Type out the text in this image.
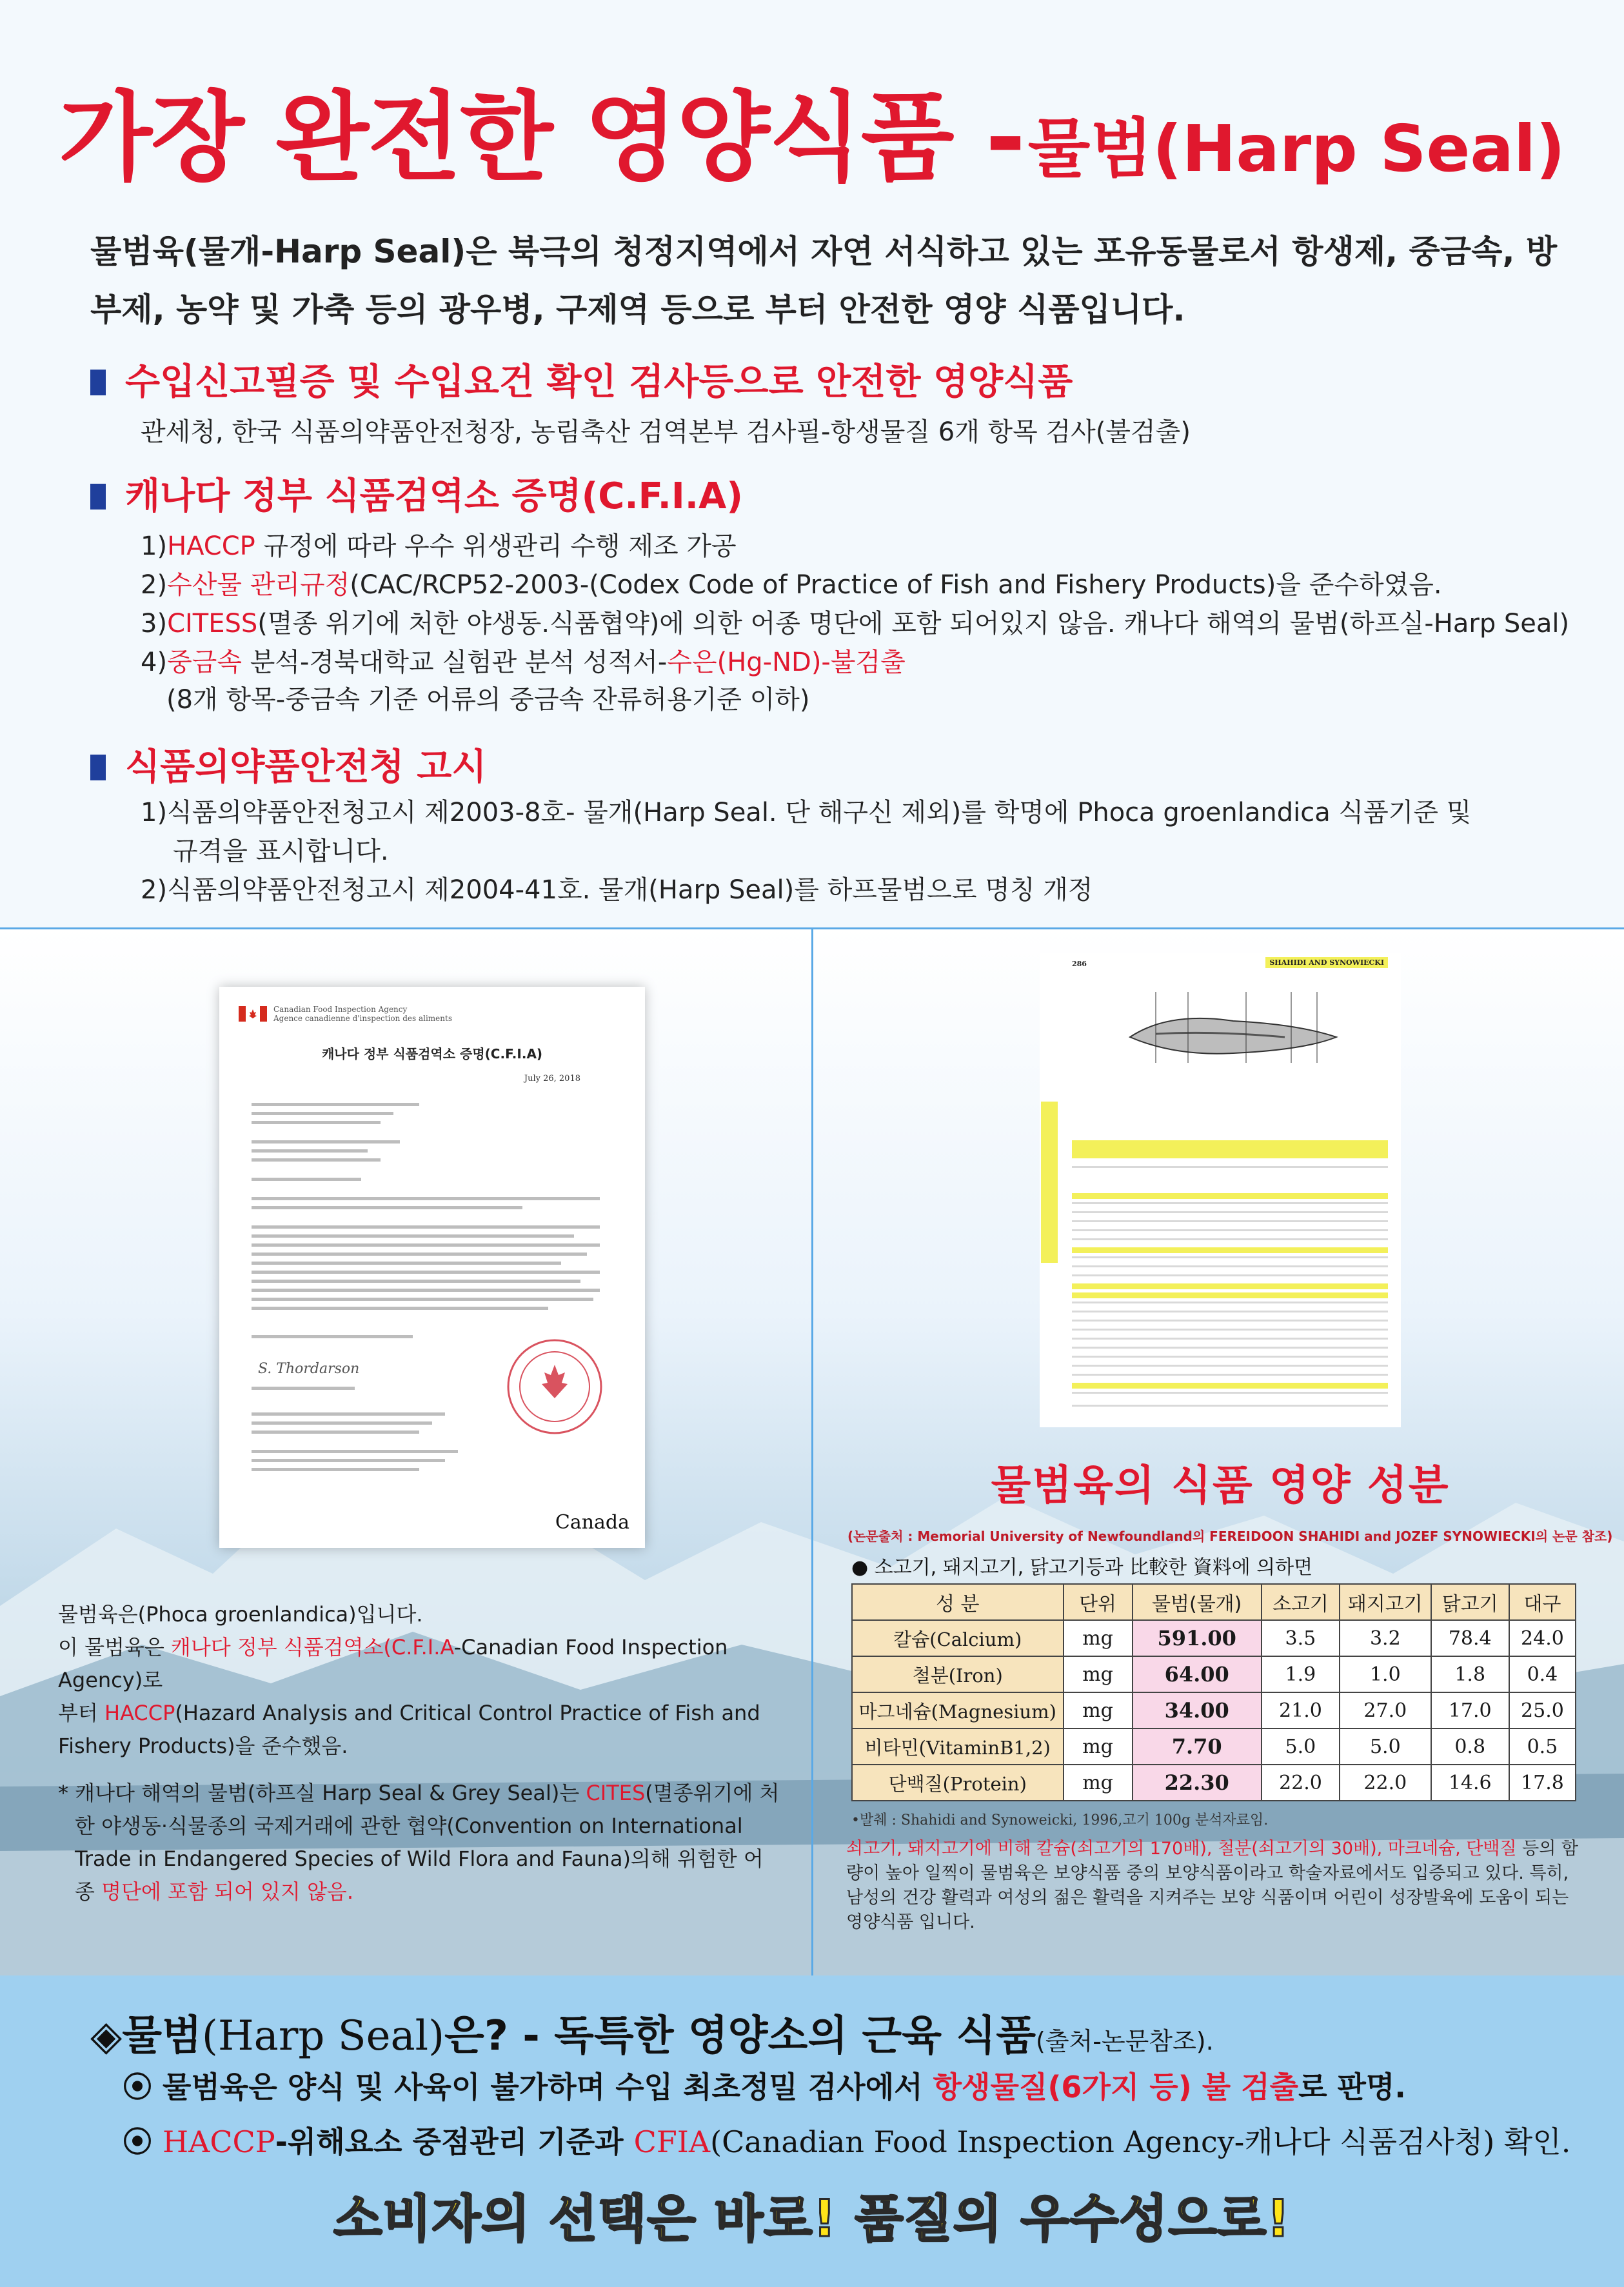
가장 완전한 영양식품 - 물범(Harp Seal)
물범육(물개-Harp Seal)은 북극의 청정지역에서 자연 서식하고 있는 포유동물로서 항생제, 중금속, 방부제, 농약 및 가축 등의 광우병, 구제역 등으로 부터 안전한 영양 식품입니다.
수입신고필증 및 수입요건 확인 검사등으로 안전한 영양식품
관세청, 한국 식품의약품안전청장, 농림축산 검역본부 검사필-항생물질 6개 항목 검사(불검출)
캐나다 정부 식품검역소 증명(C.F.I.A)
1)HACCP 규정에 따라 우수 위생관리 수행 제조 가공
2)수산물 관리규정(CAC/RCP52-2003-(Codex Code of Practice of Fish and Fishery Products)을 준수하였음.
3)CITESS(멸종 위기에 처한 야생동.식품협약)에 의한 어종 명단에 포함 되어있지 않음. 캐나다 해역의 물범(하프실-Harp Seal)
4)중금속 분석-경북대학교 실험관 분석 성적서-수은(Hg-ND)-불검출
(8개 항목-중금속 기준 어류의 중금속 잔류허용기준 이하)
식품의약품안전청 고시
1)식품의약품안전청고시 제2003-8호- 물개(Harp Seal. 단 해구신 제외)를 학명에 Phoca groenlandica 식품기준 및
규격을 표시합니다.
2)식품의약품안전청고시 제2004-41호. 물개(Harp Seal)를 하프물범으로 명칭 개정
Canadian Food Inspection Agency
Agence canadienne d'inspection des aliments
캐나다 정부 식품검역소 증명(C.F.I.A)
July 26, 2018
S. Thordarson
Canada
286	SHAHIDI AND SYNOWIECKI
물범육의 식품 영양 성분
(논문출처 : Memorial University of Newfoundland의 FEREIDOON SHAHIDI and JOZEF SYNOWIECKI의 논문 참조)
● 소고기, 돼지고기, 닭고기등과 比較한 資料에 의하면
성 분	단위	물범(물개)	소고기	돼지고기	닭고기	대구
칼슘(Calcium)	mg	591.00	3.5	3.2	78.4	24.0
철분(Iron)	mg	64.00	1.9	1.0	1.8	0.4
마그네슘(Magnesium)	mg	34.00	21.0	27.0	17.0	25.0
비타민(VitaminB1,2)	mg	7.70	5.0	5.0	0.8	0.5
단백질(Protein)	mg	22.30	22.0	22.0	14.6	17.8
•발췌 : Shahidi and Synoweicki, 1996,고기 100g 분석자료임.
쇠고기, 돼지고기에 비해 칼슘(쇠고기의 170배), 철분(쇠고기의 30배), 마크네슘, 단백질 등의 함량이 높아 일찍이 물범육은 보양식품 중의 보양식품이라고 학술자료에서도 입증되고 있다. 특히, 남성의 건강 활력과 여성의 젊은 활력을 지켜주는 보양 식품이며 어린이 성장발육에 도움이 되는 영양식품 입니다.

물범육은(Phoca groenlandica)입니다.

이 물범육은 캐나다 정부 식품검역소(C.F.I.A-Canadian Food Inspection Agency)로

부터 HACCP(Hazard Analysis and Critical Control Practice of Fish and Fishery Products)을 준수했음.

* 캐나다 해역의 물범(하프실 Harp Seal & Grey Seal)는 CITES(멸종위기에 처한 야생동·식물종의 국제거래에 관한 협약(Convention on International Trade in Endangered Species of Wild Flora and Fauna)의해 위험한 어종 명단에 포함 되어 있지 않음.

◈물범(Harp Seal)은? - 독특한 영양소의 근육 식품(출처-논문참조).
⦿ 물범육은 양식 및 사육이 불가하며 수입 최초정밀 검사에서 항생물질(6가지 등) 불 검출로 판명.
⦿ HACCP-위해요소 중점관리 기준과 CFIA(Canadian Food Inspection Agency-캐나다 식품검사청) 확인.
소비자의 선택은 바로! 품질의 우수성으로!
